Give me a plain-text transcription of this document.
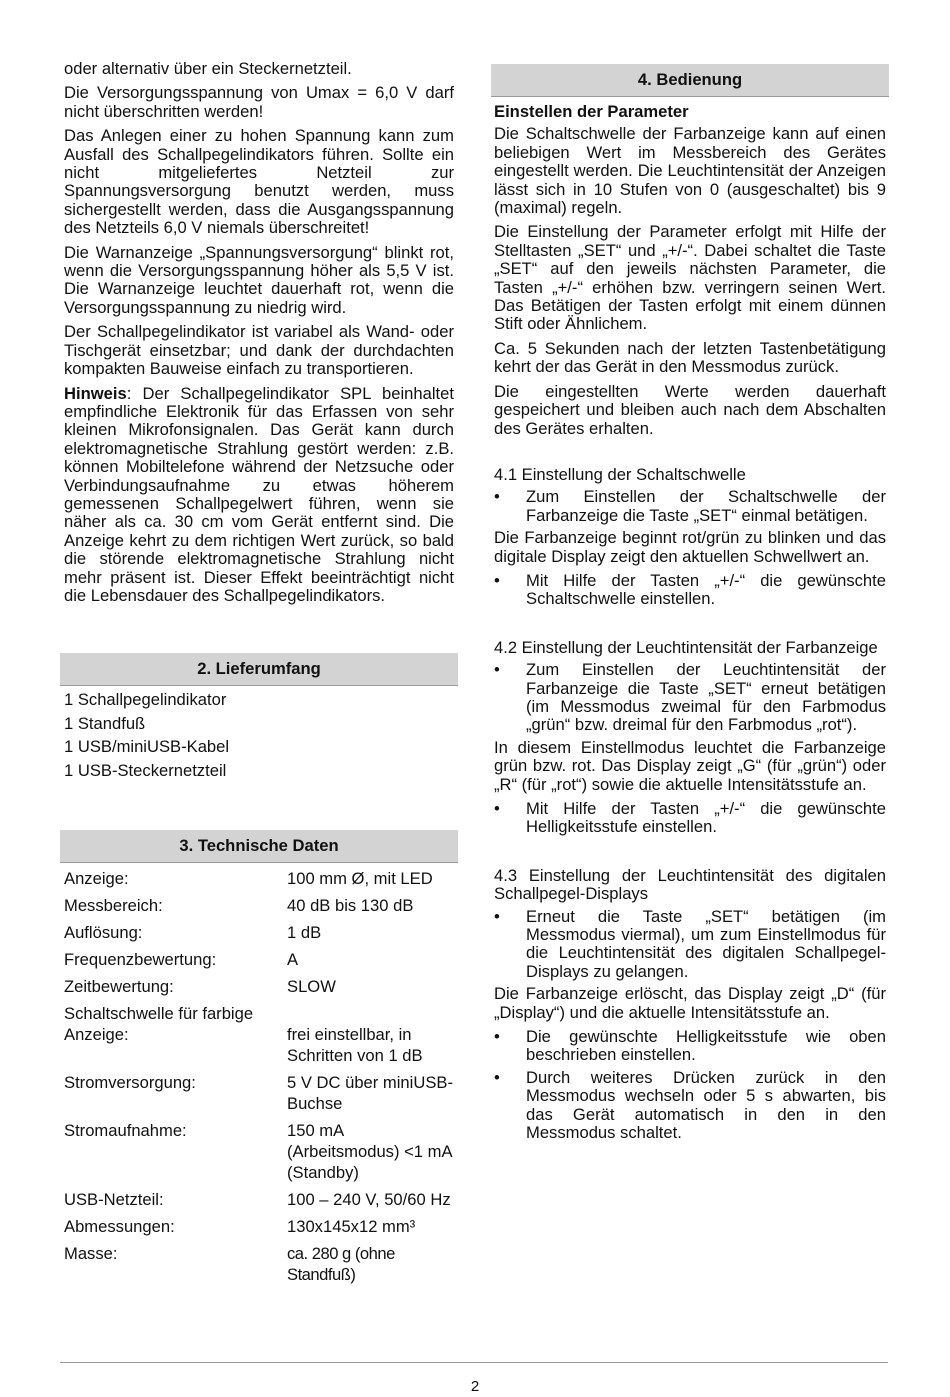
oder alternativ über ein Steckernetzteil.

Die Versorgungsspannung von Umax = 6,0 V darf nicht überschritten werden!

Das Anlegen einer zu hohen Spannung kann zum Ausfall des Schallpegelindikators führen. Sollte ein nicht mitgeliefertes Netzteil zur Spannungsversorgung benutzt werden, muss sichergestellt werden, dass die Ausgangsspannung des Netzteils 6,0 V niemals überschreitet!

Die Warnanzeige „Spannungsversorgung“ blinkt rot, wenn die Versorgungsspannung höher als 5,5 V ist. Die Warnanzeige leuchtet dauerhaft rot, wenn die Versorgungsspannung zu niedrig wird.

Der Schallpegelindikator ist variabel als Wand- oder Tischgerät einsetzbar; und dank der durchdachten kompakten Bauweise einfach zu transportieren.

Hinweis: Der Schallpegelindikator SPL beinhaltet empfindliche Elektronik für das Erfassen von sehr kleinen Mikrofonsignalen. Das Gerät kann durch elektromagnetische Strahlung gestört werden: z.B. können Mobiltelefone während der Netzsuche oder Verbindungsaufnahme zu etwas höherem gemessenen Schallpegelwert führen, wenn sie näher als ca. 30 cm vom Gerät entfernt sind. Die Anzeige kehrt zu dem richtigen Wert zurück, so bald die störende elektromagnetische Strahlung nicht mehr präsent ist. Dieser Effekt beeinträchtigt nicht die Lebensdauer des Schallpegelindikators.

2. Lieferumfang

1 Schallpegelindikator

1 Standfuß

1 USB/miniUSB-Kabel

1 USB-Steckernetzteil

3. Technische Daten
Anzeige:	100 mm Ø, mit LED
Messbereich:	40 dB bis 130 dB
Auflösung:	1 dB
Frequenzbewertung:	A
Zeitbewertung:	SLOW
Schaltschwelle für farbige Anzeige:	frei einstellbar, in Schritten von 1 dB
Stromversorgung:	5 V DC über miniUSB-Buchse
Stromaufnahme:	150 mA (Arbeitsmodus) <1 mA (Standby)
USB-Netzteil:	100 – 240 V, 50/60 Hz
Abmessungen:	130x145x12 mm³
Masse:	ca. 280 g (ohne Standfuß)
4. Bedienung

Einstellen der Parameter

Die Schaltschwelle der Farbanzeige kann auf einen beliebigen Wert im Messbereich des Gerätes eingestellt werden. Die Leuchtintensität der Anzeigen lässt sich in 10 Stufen von 0 (ausgeschaltet) bis 9 (maximal) regeln.

Die Einstellung der Parameter erfolgt mit Hilfe der Stelltasten „SET“ und „+/-“. Dabei schaltet die Taste „SET“ auf den jeweils nächsten Parameter, die Tasten „+/-“ erhöhen bzw. verringern seinen Wert. Das Betätigen der Tasten erfolgt mit einem dünnen Stift oder Ähnlichem.

Ca. 5 Sekunden nach der letzten Tastenbetätigung kehrt der das Gerät in den Messmodus zurück.

Die eingestellten Werte werden dauerhaft gespeichert und bleiben auch nach dem Abschalten des Gerätes erhalten.

4.1 Einstellung der Schaltschwelle

• Zum Einstellen der Schaltschwelle der Farbanzeige die Taste „SET“ einmal betätigen.

Die Farbanzeige beginnt rot/grün zu blinken und das digitale Display zeigt den aktuellen Schwellwert an.

• Mit Hilfe der Tasten „+/-“ die gewünschte Schaltschwelle einstellen.

4.2 Einstellung der Leuchtintensität der Farbanzeige

• Zum Einstellen der Leuchtintensität der Farbanzeige die Taste „SET“ erneut betätigen (im Messmodus zweimal für den Farbmodus „grün“ bzw. dreimal für den Farbmodus „rot“).

In diesem Einstellmodus leuchtet die Farbanzeige grün bzw. rot. Das Display zeigt „G“ (für „grün“) oder „R“ (für „rot“) sowie die aktuelle Intensitätsstufe an.

• Mit Hilfe der Tasten „+/-“ die gewünschte Helligkeitsstufe einstellen.

4.3 Einstellung der Leuchtintensität des digitalen Schallpegel-Displays

• Erneut die Taste „SET“ betätigen (im Messmodus viermal), um zum Einstellmodus für die Leuchtintensität des digitalen Schallpegel-Displays zu gelangen.

Die Farbanzeige erlöscht, das Display zeigt „D“ (für „Display“) und die aktuelle Intensitätsstufe an.

• Die gewünschte Helligkeitsstufe wie oben beschrieben einstellen.
• Durch weiteres Drücken zurück in den Messmodus wechseln oder 5 s abwarten, bis das Gerät automatisch in den in den Messmodus schaltet.
2
